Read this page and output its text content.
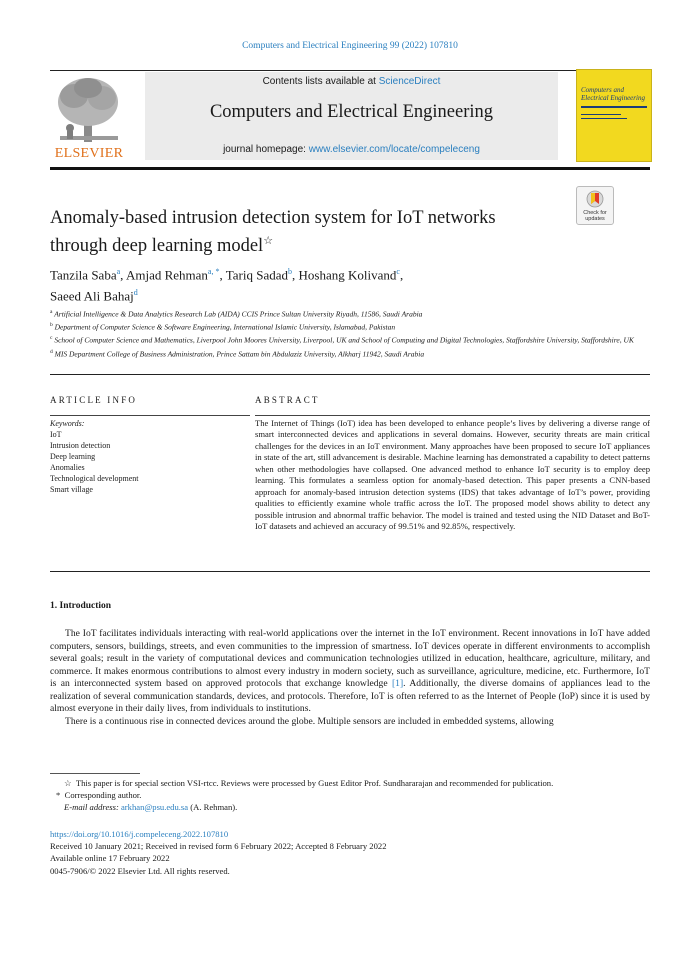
Computers and Electrical Engineering 99 (2022) 107810
ELSEVIER
Contents lists available at ScienceDirect
Computers and Electrical Engineering
journal homepage: www.elsevier.com/locate/compeleceng
Computers and
Electrical Engineering
Check for
updates
Anomaly-based intrusion detection system for IoT networks
through deep learning model☆
Tanzila Saba$^a$, Amjad Rehman$^{a, *}$, Tariq Sadad$^b$, Hoshang Kolivand$^c$,
Saeed Ali Bahaj$^d$
$^a$ Artificial Intelligence & Data Analytics Research Lab (AIDA) CCIS Prince Sultan University Riyadh, 11586, Saudi Arabia
$^b$ Department of Computer Science & Software Engineering, International Islamic University, Islamabad, Pakistan
$^c$ School of Computer Science and Mathematics, Liverpool John Moores University, Liverpool, UK and School of Computing and Digital Technologies, Staffordshire University, Staffordshire, UK
$^d$ MIS Department College of Business Administration, Prince Sattam bin Abdulaziz University, Alkharj 11942, Saudi Arabia
ARTICLE INFO	ABSTRACT
Keywords:
IoT
Intrusion detection
Deep learning
Anomalies
Technological development
Smart village
The Internet of Things (IoT) idea has been developed to enhance people’s lives by delivering a diverse range of smart interconnected devices and applications in several domains. However, security threats are main critical challenges for the devices in an IoT environment. Many approaches have been proposed to secure IoT appliances in state of the art, still advancement is desirable. Machine learning has demonstrated a capability to detect patterns when other methodologies have collapsed. One advanced method to enhance IoT security is to employ deep learning. This formulates a seamless option for anomaly-based detection. This paper presents a CNN-based approach for anomaly-based intrusion detection systems (IDS) that takes advantage of IoT’s power, providing qualities to efficiently examine whole traffic across the IoT. The proposed model shows ability to detect any possible intrusion and abnormal traffic behavior. The model is trained and tested using the NID Dataset and BoT-IoT datasets and achieved an accuracy of 99.51% and 92.85%, respectively.
1. Introduction

The IoT facilitates individuals interacting with real-world applications over the internet in the IoT environment. Recent innovations in IoT have added computers, sensors, buildings, streets, and even communities to the impression of smartness. IoT devices operate in different environments to accomplish several goals; result in the variety of computational devices and communication technologies utilized in education, healthcare, agriculture, military, and commerce. It makes enormous contributions to almost every industry in modern society, such as surveillance, agriculture, medicine, etc. Furthermore, IoT is an interconnected system based on approved protocols that exchange knowledge [1]. Additionally, the diverse domains of appliances lead to the realization of several communication standards, devices, and protocols. Therefore, IoT is often referred to as the Internet of People (IoP) since it is used by almost everyone in their daily lives, from individuals to institutions.

There is a continuous rise in connected devices around the globe. Multiple sensors are included in embedded systems, allowing

☆ This paper is for special section VSI-rtcc. Reviews were processed by Guest Editor Prof. Sundhararajan and recommended for publication.
* Corresponding author.
E-mail address: arkhan@psu.edu.sa (A. Rehman).
https://doi.org/10.1016/j.compeleceng.2022.107810
Received 10 January 2021; Received in revised form 6 February 2022; Accepted 8 February 2022
Available online 17 February 2022
0045-7906/© 2022 Elsevier Ltd. All rights reserved.
